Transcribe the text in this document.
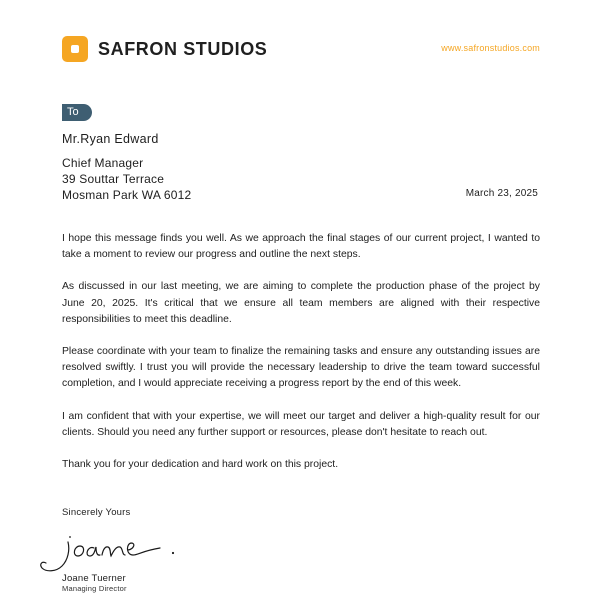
SAFRON STUDIOS	www.safronstudios.com
To
Mr.Ryan Edward
Chief Manager
39 Souttar Terrace
Mosman Park WA 6012	March 23, 2025

I hope this message finds you well. As we approach the final stages of our current project, I wanted to take a moment to review our progress and outline the next steps.

As discussed in our last meeting, we are aiming to complete the production phase of the project by June 20, 2025. It's critical that we ensure all team members are aligned with their respective responsibilities to meet this deadline.

Please coordinate with your team to finalize the remaining tasks and ensure any outstanding issues are resolved swiftly. I trust you will provide the necessary leadership to drive the team toward successful completion, and I would appreciate receiving a progress report by the end of this week.

I am confident that with your expertise, we will meet our target and deliver a high-quality result for our clients. Should you need any further support or resources, please don't hesitate to reach out.

Thank you for your dedication and hard work on this project.

Sincerely Yours
Joane Tuerner
Managing Director
